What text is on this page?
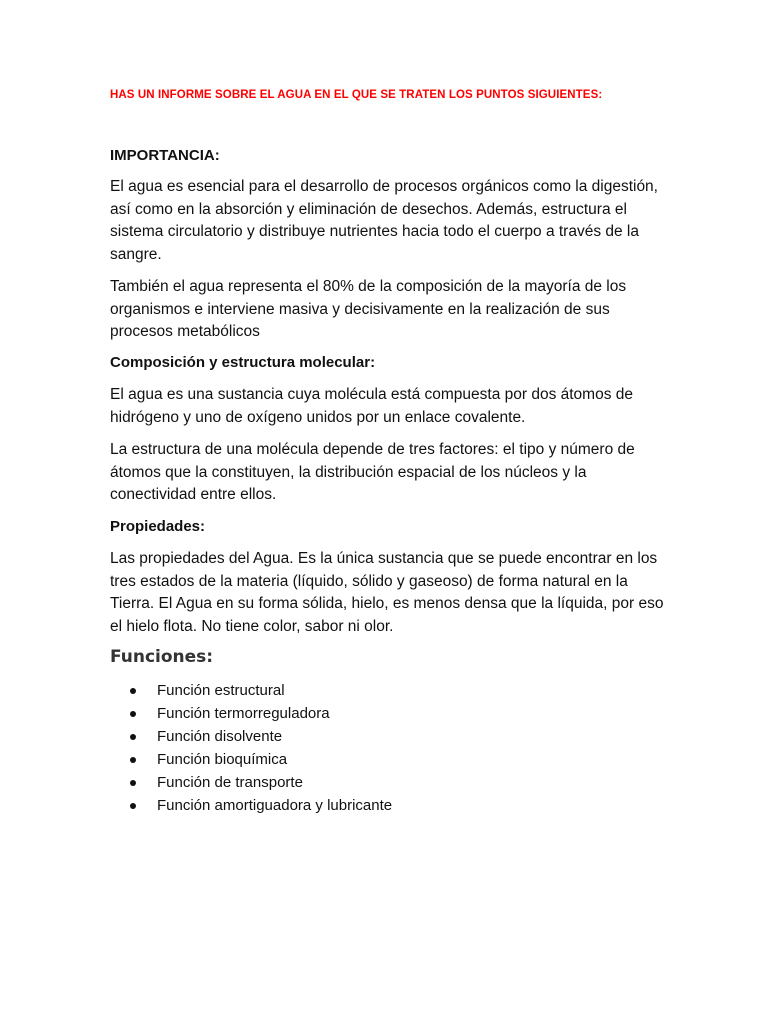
HAS UN INFORME SOBRE EL AGUA EN EL QUE SE TRATEN LOS PUNTOS SIGUIENTES:
IMPORTANCIA:

El agua es esencial para el desarrollo de procesos orgánicos como la digestión, así como en la absorción y eliminación de desechos. Además, estructura el sistema circulatorio y distribuye nutrientes hacia todo el cuerpo a través de la sangre.

También el agua representa el 80% de la composición de la mayoría de los organismos e interviene masiva y decisivamente en la realización de sus procesos metabólicos

Composición y estructura molecular:

El agua es una sustancia cuya molécula está compuesta por dos átomos de hidrógeno y uno de oxígeno unidos por un enlace covalente.

La estructura de una molécula depende de tres factores: el tipo y número de átomos que la constituyen, la distribución espacial de los núcleos y la conectividad entre ellos.

Propiedades:

Las propiedades del Agua. Es la única sustancia que se puede encontrar en los tres estados de la materia (líquido, sólido y gaseoso) de forma natural en la Tierra. El Agua en su forma sólida, hielo, es menos densa que la líquida, por eso el hielo flota. No tiene color, sabor ni olor.

Funciones:
Función estructural
Función termorreguladora
Función disolvente
Función bioquímica
Función de transporte
Función amortiguadora y lubricante
